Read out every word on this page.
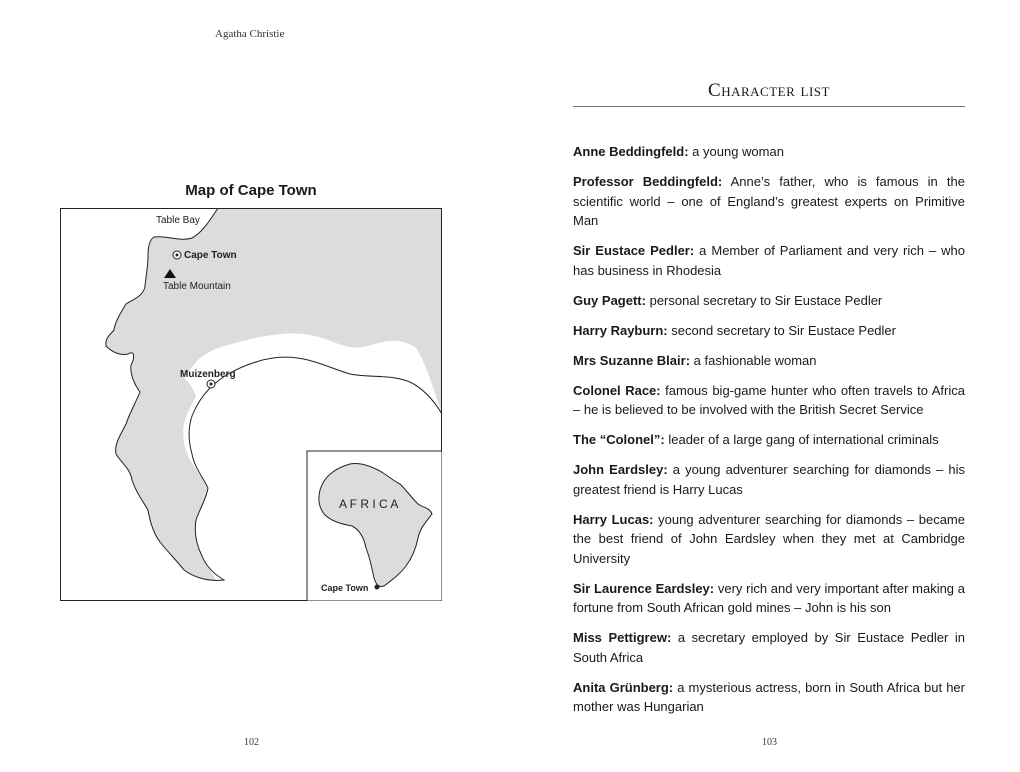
Agatha Christie
Map of Cape Town
Table Bay
Cape Town
Table Mountain
Muizenberg
A F R I C A
Cape Town
102
Character list

Anne Beddingfeld: a young woman

Professor Beddingfeld: Anne’s father, who is famous in the scientific world – one of England’s greatest experts on Primitive Man

Sir Eustace Pedler: a Member of Parliament and very rich – who has business in Rhodesia

Guy Pagett: personal secretary to Sir Eustace Pedler

Harry Rayburn: second secretary to Sir Eustace Pedler

Mrs Suzanne Blair: a fashionable woman

Colonel Race: famous big-game hunter who often travels to Africa – he is believed to be involved with the British Secret Service

The “Colonel”: leader of a large gang of international criminals

John Eardsley: a young adventurer searching for diamonds – his greatest friend is Harry Lucas

Harry Lucas: young adventurer searching for diamonds – became the best friend of John Eardsley when they met at Cambridge University

Sir Laurence Eardsley: very rich and very important after making a fortune from South African gold mines – John is his son

Miss Pettigrew: a secretary employed by Sir Eustace Pedler in South Africa

Anita Grünberg: a mysterious actress, born in South Africa but her mother was Hungarian

103
